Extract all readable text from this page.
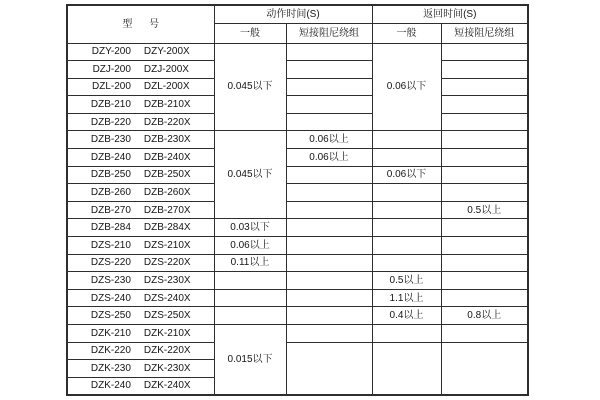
型 号	动作时间(S)		返回时间(S)	
	一般	短接阻尼绕组	一般	短接阻尼绕组

DZY-200 DZY-200X	0.045以下		0.06以下	

DZJ-200 DZJ-200X				

DZL-200 DZL-200X				

DZB-210 DZB-210X				

DZB-220 DZB-220X				

DZB-230 DZB-230X	0.045以下	0.06以上		

DZB-240 DZB-240X		0.06以上		

DZB-250 DZB-250X			0.06以下	

DZB-260 DZB-260X				

DZB-270 DZB-270X				0.5以上

DZB-284 DZB-284X	0.03以下			

DZS-210 DZS-210X	0.06以上			

DZS-220 DZS-220X	0.11以上			

DZS-230 DZS-230X			0.5以上	

DZS-240 DZS-240X			1.1以上	

DZS-250 DZS-250X			0.4以上	0.8以上

DZK-210 DZK-210X	0.015以下			

DZK-220 DZK-220X				

DZK-230 DZK-230X				

DZK-240 DZK-240X				
